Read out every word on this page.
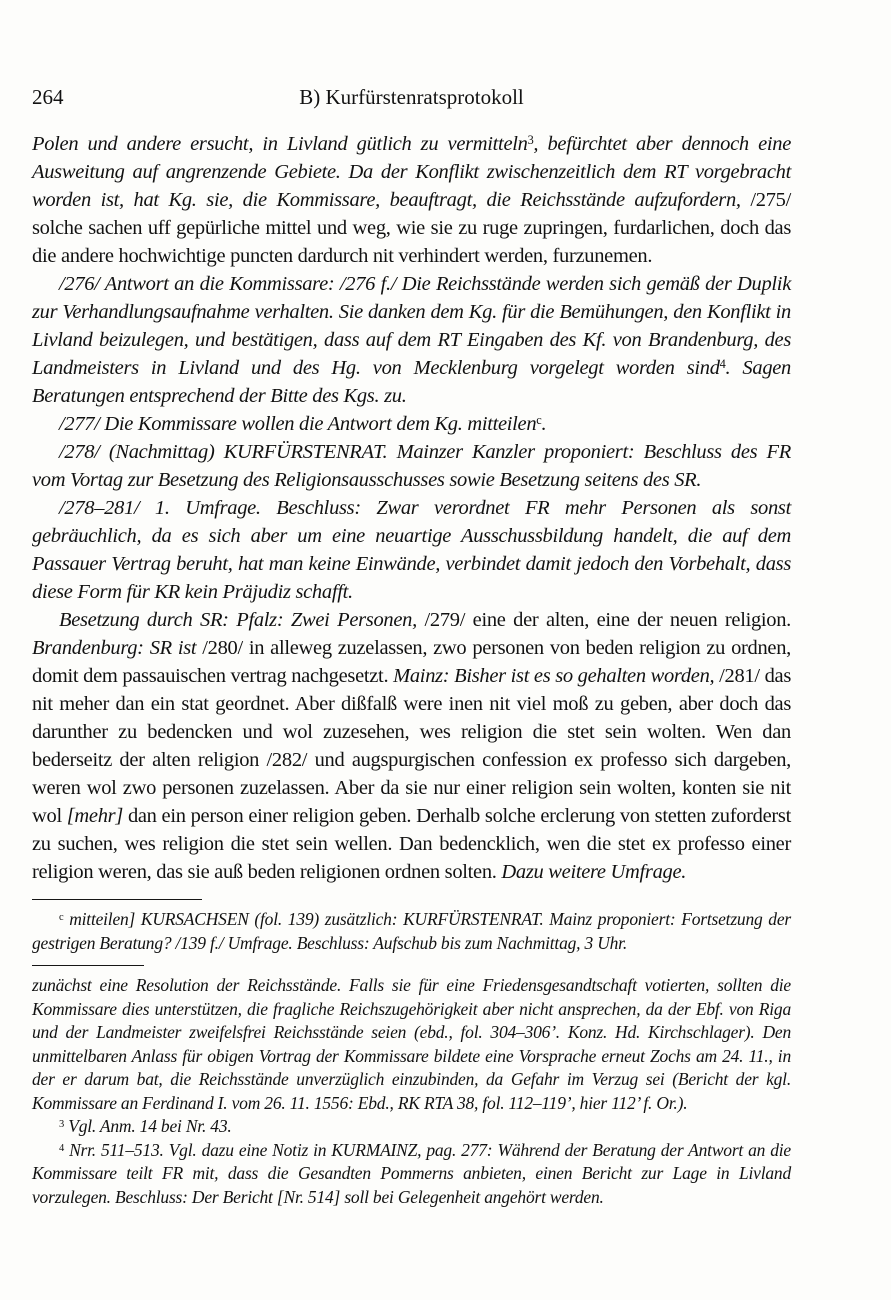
264	B) Kurfürstenratsprotokoll

Polen und andere ersucht, in Livland gütlich zu vermitteln$^3$, befürchtet aber dennoch eine Ausweitung auf angrenzende Gebiete. Da der Konflikt zwischenzeitlich dem RT vorgebracht worden ist, hat Kg. sie, die Kommissare, beauftragt, die Reichsstände aufzufordern, /275/ solche sachen uff gepürliche mittel und weg, wie sie zu ruge zupringen, furdarlichen, doch das die andere hochwichtige puncten dardurch nit verhindert werden, furzunemen.

/276/ Antwort an die Kommissare: /276 f./ Die Reichsstände werden sich gemäß der Duplik zur Verhandlungsaufnahme verhalten. Sie danken dem Kg. für die Bemühungen, den Konflikt in Livland beizulegen, und bestätigen, dass auf dem RT Eingaben des Kf. von Brandenburg, des Landmeisters in Livland und des Hg. von Mecklenburg vorgelegt worden sind$^4$. Sagen Beratungen entsprechend der Bitte des Kgs. zu.

/277/ Die Kommissare wollen die Antwort dem Kg. mitteilen$^c$.

/278/ (Nachmittag) KURFÜRSTENRAT. Mainzer Kanzler proponiert: Beschluss des FR vom Vortag zur Besetzung des Religionsausschusses sowie Besetzung seitens des SR.

/278–281/ 1. Umfrage. Beschluss: Zwar verordnet FR mehr Personen als sonst gebräuchlich, da es sich aber um eine neuartige Ausschussbildung handelt, die auf dem Passauer Vertrag beruht, hat man keine Einwände, verbindet damit jedoch den Vorbehalt, dass diese Form für KR kein Präjudiz schafft.

Besetzung durch SR: Pfalz: Zwei Personen, /279/ eine der alten, eine der neuen religion. Brandenburg: SR ist /280/ in alleweg zuzelassen, zwo personen von beden religion zu ordnen, domit dem passauischen vertrag nachgesetzt. Mainz: Bisher ist es so gehalten worden, /281/ das nit meher dan ein stat geordnet. Aber dißfalß were inen nit viel moß zu geben, aber doch das darunther zu bedencken und wol zuzesehen, wes religion die stet sein wolten. Wen dan bederseitz der alten religion /282/ und augspurgischen confession ex professo sich dargeben, weren wol zwo personen zuzelassen. Aber da sie nur einer religion sein wolten, konten sie nit wol [mehr] dan ein person einer religion geben. Derhalb solche erclerung von stetten zuforderst zu suchen, wes religion die stet sein wellen. Dan bedencklich, wen die stet ex professo einer religion weren, das sie auß beden religionen ordnen solten. Dazu weitere Umfrage.

$^c$ mitteilen] KURSACHSEN (fol. 139) zusätzlich: KURFÜRSTENRAT. Mainz proponiert: Fortsetzung der gestrigen Beratung? /139 f./ Umfrage. Beschluss: Aufschub bis zum Nachmittag, 3 Uhr.

zunächst eine Resolution der Reichsstände. Falls sie für eine Friedensgesandtschaft votierten, sollten die Kommissare dies unterstützen, die fragliche Reichszugehörigkeit aber nicht ansprechen, da der Ebf. von Riga und der Landmeister zweifelsfrei Reichsstände seien (ebd., fol. 304–306’. Konz. Hd. Kirchschlager). Den unmittelbaren Anlass für obigen Vortrag der Kommissare bildete eine Vorsprache erneut Zochs am 24. 11., in der er darum bat, die Reichsstände unverzüglich einzubinden, da Gefahr im Verzug sei (Bericht der kgl. Kommissare an Ferdinand I. vom 26. 11. 1556: Ebd., RK RTA 38, fol. 112–119’, hier 112’ f. Or.).

$^3$ Vgl. Anm. 14 bei Nr. 43.

$^4$ Nrr. 511–513. Vgl. dazu eine Notiz in KURMAINZ, pag. 277: Während der Beratung der Antwort an die Kommissare teilt FR mit, dass die Gesandten Pommerns anbieten, einen Bericht zur Lage in Livland vorzulegen. Beschluss: Der Bericht [Nr. 514] soll bei Gelegenheit angehört werden.
